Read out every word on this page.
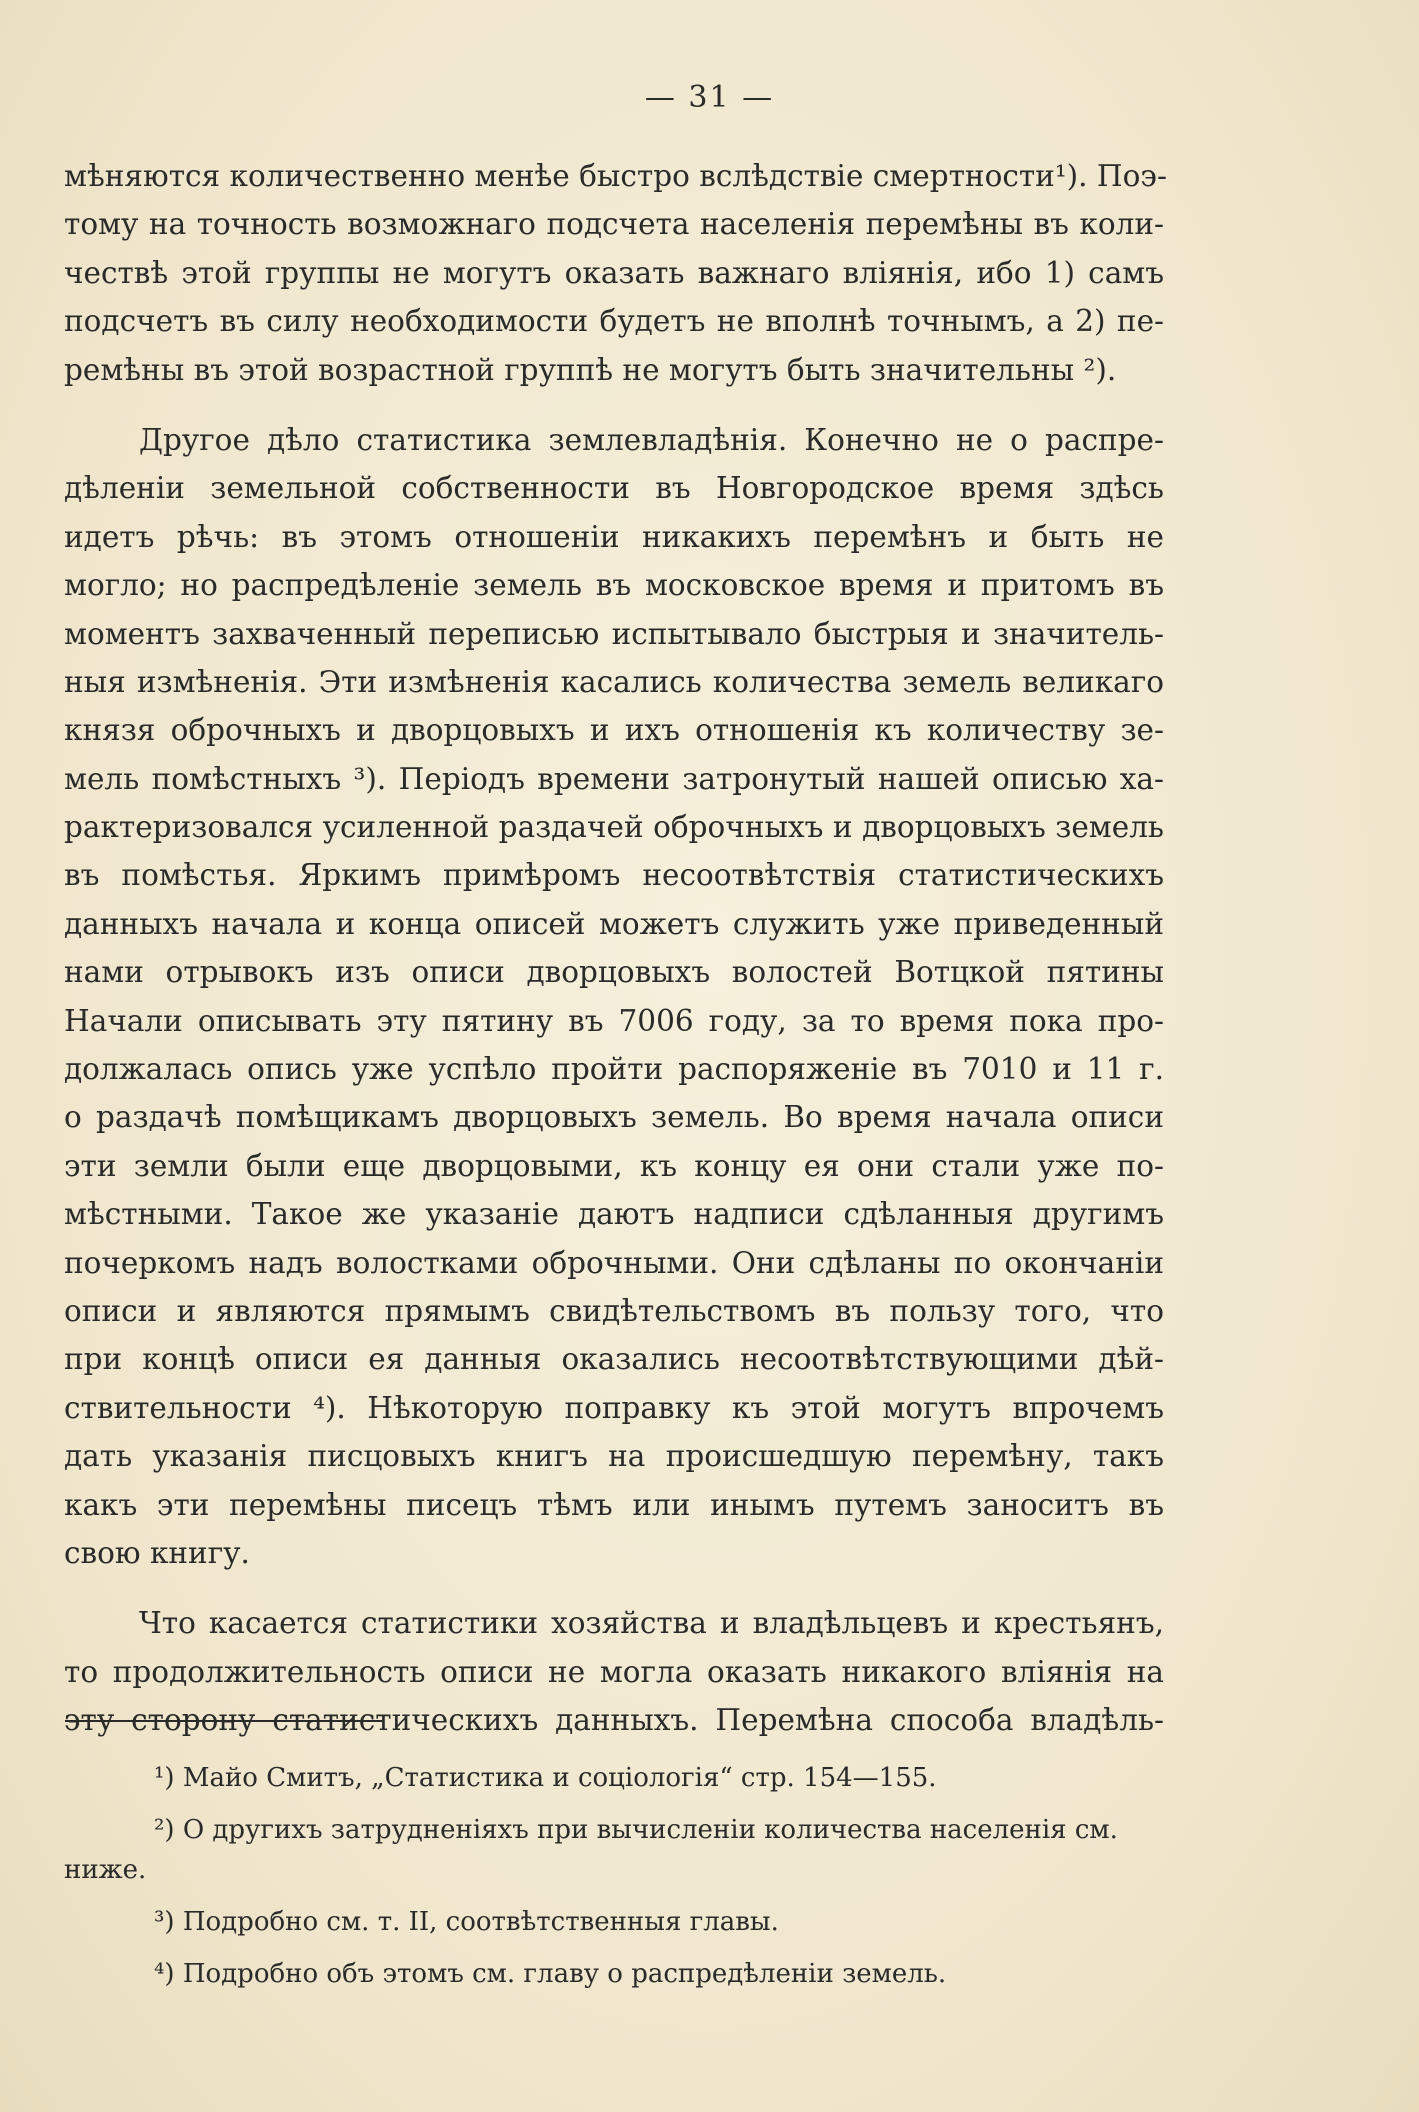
— 31 —
мѣняются количественно менѣе быстро вслѣдствіе смертности¹). Поэ-
тому на точность возможнаго подсчета населенія перемѣны въ коли-
чествѣ этой группы не могутъ оказать важнаго вліянія, ибо 1) самъ
подсчетъ въ силу необходимости будетъ не вполнѣ точнымъ, а 2) пе-
ремѣны въ этой возрастной группѣ не могутъ быть значительны ²).
Другое дѣло статистика землевладѣнія. Конечно не о распре-
дѣленіи земельной собственности въ Новгородское время здѣсь
идетъ рѣчь: въ этомъ отношеніи никакихъ перемѣнъ и быть не
могло; но распредѣленіе земель въ московское время и притомъ въ
моментъ захваченный переписью испытывало быстрыя и значитель-
ныя измѣненія. Эти измѣненія касались количества земель великаго
князя оброчныхъ и дворцовыхъ и ихъ отношенія къ количеству зе-
мель помѣстныхъ ³). Періодъ времени затронутый нашей описью ха-
рактеризовался усиленной раздачей оброчныхъ и дворцовыхъ земель
въ помѣстья. Яркимъ примѣромъ несоотвѣтствія статистическихъ
данныхъ начала и конца описей можетъ служить уже приведенный
нами отрывокъ изъ описи дворцовыхъ волостей Вотцкой пятины
Начали описывать эту пятину въ 7006 году, за то время пока про-
должалась опись уже успѣло пройти распоряженіе въ 7010 и 11 г.
о раздачѣ помѣщикамъ дворцовыхъ земель. Во время начала описи
эти земли были еще дворцовыми, къ концу ея они стали уже по-
мѣстными. Такое же указаніе даютъ надписи сдѣланныя другимъ
почеркомъ надъ волостками оброчными. Они сдѣланы по окончаніи
описи и являются прямымъ свидѣтельствомъ въ пользу того, что
при концѣ описи ея данныя оказались несоотвѣтствующими дѣй-
ствительности ⁴). Нѣкоторую поправку къ этой могутъ впрочемъ
дать указанія писцовыхъ книгъ на происшедшую перемѣну, такъ
какъ эти перемѣны писецъ тѣмъ или инымъ путемъ заноситъ въ
свою книгу.
Что касается статистики хозяйства и владѣльцевъ и крестьянъ,
то продолжительность описи не могла оказать никакого вліянія на
эту сторону статистическихъ данныхъ. Перемѣна способа владѣль-
¹) Майо Смитъ, „Статистика и соціологія“ стр. 154—155.
²) О другихъ затрудненіяхъ при вычисленіи количества населенія см.
ниже.
³) Подробно см. т. II, соотвѣтственныя главы.
⁴) Подробно объ этомъ см. главу о распредѣленіи земель.
